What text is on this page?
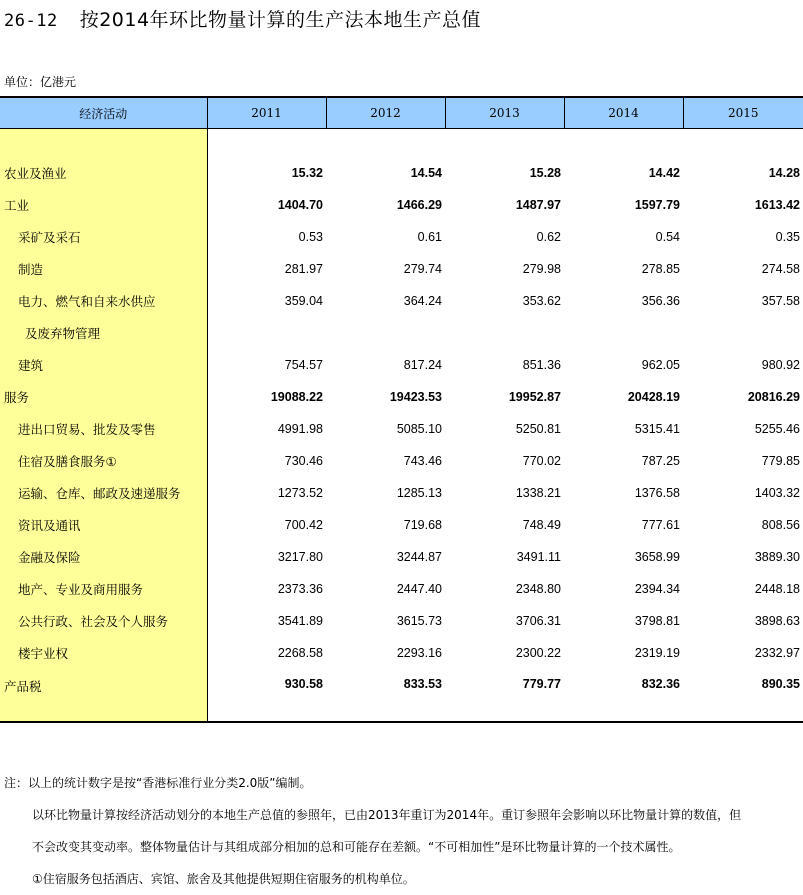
26-12 按2014年环比物量计算的生产法本地生产总值
单位：亿港元
经济活动	2011	2012	2013	2014	2015

农业及渔业	15.32	14.54	15.28	14.42	14.28
工业	1404.70	1466.29	1487.97	1597.79	1613.42
采矿及采石	0.53	0.61	0.62	0.54	0.35
制造	281.97	279.74	279.98	278.85	274.58
电力、燃气和自来水供应	359.04	364.24	353.62	356.36	357.58
及废弃物管理					
建筑	754.57	817.24	851.36	962.05	980.92
服务	19088.22	19423.53	19952.87	20428.19	20816.29
进出口贸易、批发及零售	4991.98	5085.10	5250.81	5315.41	5255.46
住宿及膳食服务①	730.46	743.46	770.02	787.25	779.85
运输、仓库、邮政及速递服务	1273.52	1285.13	1338.21	1376.58	1403.32
资讯及通讯	700.42	719.68	748.49	777.61	808.56
金融及保险	3217.80	3244.87	3491.11	3658.99	3889.30
地产、专业及商用服务	2373.36	2447.40	2348.80	2394.34	2448.18
公共行政、社会及个人服务	3541.89	3615.73	3706.31	3798.81	3898.63
楼宇业权	2268.58	2293.16	2300.22	2319.19	2332.97
产品税	930.58	833.53	779.77	832.36	890.35
注：以上的统计数字是按“香港标准行业分类2.0版”编制。
以环比物量计算按经济活动划分的本地生产总值的参照年，已由2013年重订为2014年。重订参照年会影响以环比物量计算的数值，但
不会改变其变动率。整体物量估计与其组成部分相加的总和可能存在差额。“不可相加性”是环比物量计算的一个技术属性。
①住宿服务包括酒店、宾馆、旅舍及其他提供短期住宿服务的机构单位。
